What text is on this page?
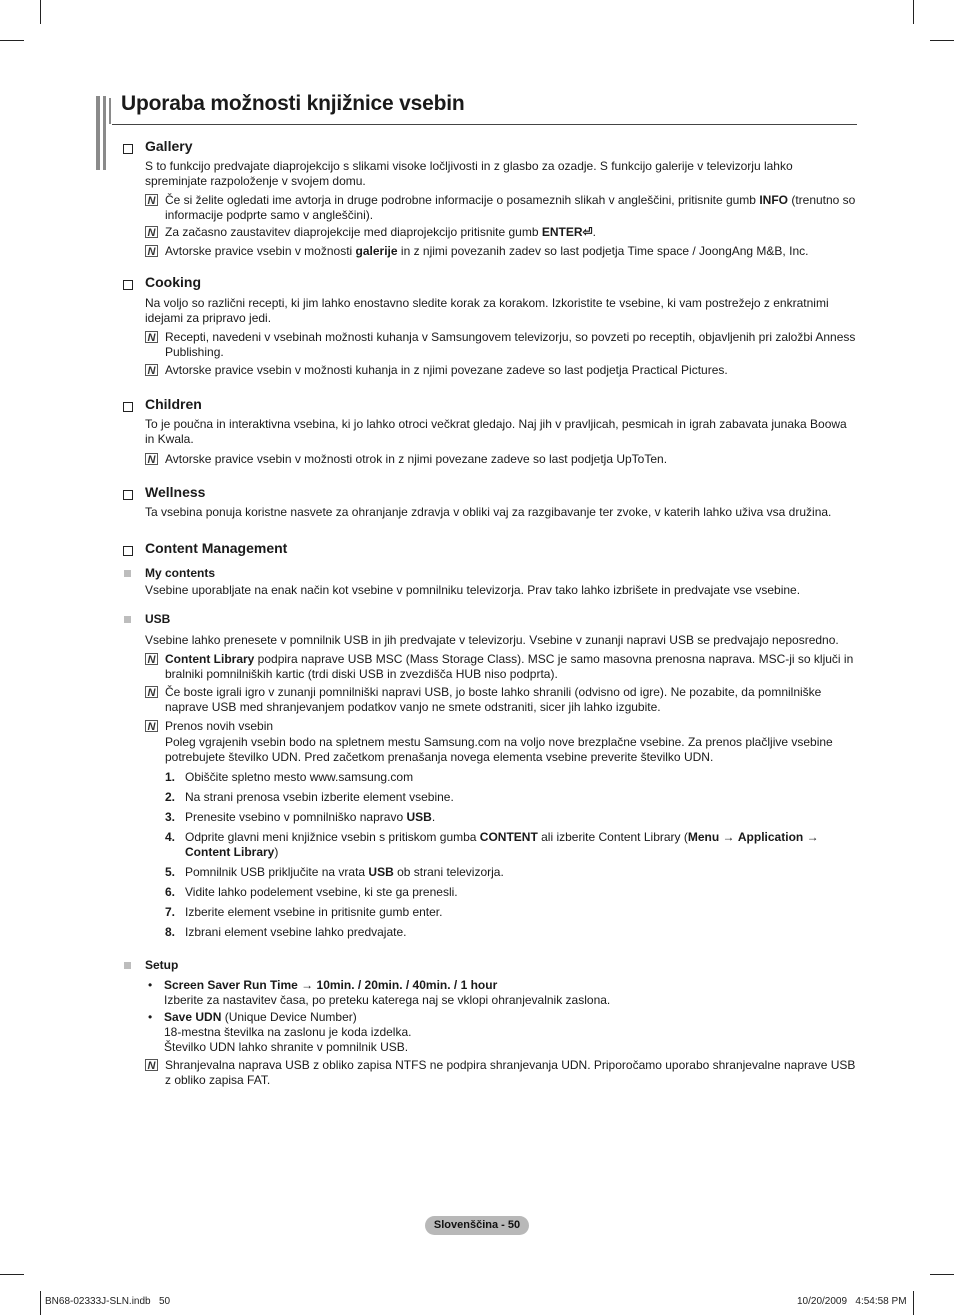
Uporaba možnosti knjižnice vsebin
Gallery

S to funkcijo predvajate diaprojekcijo s slikami visoke ločljivosti in z glasbo za ozadje. S funkcijo galerije v televizorju lahko spreminjate razpoloženje v svojem domu.

N Če si želite ogledati ime avtorja in druge podrobne informacije o posameznih slikah v angleščini, pritisnite gumb INFO (trenutno so informacije podprte samo v angleščini).
N Za začasno zaustavitev diaprojekcije med diaprojekcijo pritisnite gumb ENTER⏎.
N Avtorske pravice vsebin v možnosti galerije in z njimi povezanih zadev so last podjetja Time space / JoongAng M&B, Inc.
Cooking

Na voljo so različni recepti, ki jim lahko enostavno sledite korak za korakom. Izkoristite te vsebine, ki vam postrežejo z enkratnimi idejami za pripravo jedi.

N Recepti, navedeni v vsebinah možnosti kuhanja v Samsungovem televizorju, so povzeti po receptih, objavljenih pri založbi Anness Publishing.
N Avtorske pravice vsebin v možnosti kuhanja in z njimi povezane zadeve so last podjetja Practical Pictures.
Children

To je poučna in interaktivna vsebina, ki jo lahko otroci večkrat gledajo. Naj jih v pravljicah, pesmicah in igrah zabavata junaka Boowa in Kwala.

N Avtorske pravice vsebin v možnosti otrok in z njimi povezane zadeve so last podjetja UpToTen.
Wellness

Ta vsebina ponuja koristne nasvete za ohranjanje zdravja v obliki vaj za razgibavanje ter zvoke, v katerih lahko uživa vsa družina.

Content Management
My contents

Vsebine uporabljate na enak način kot vsebine v pomnilniku televizorja. Prav tako lahko izbrišete in predvajate vse vsebine.

USB

Vsebine lahko prenesete v pomnilnik USB in jih predvajate v televizorju. Vsebine v zunanji napravi USB se predvajajo neposredno.

N Content Library podpira naprave USB MSC (Mass Storage Class). MSC je samo masovna prenosna naprava. MSC-ji so ključi in bralniki pomnilniških kartic (trdi diski USB in zvezdišča HUB niso podprta).
N Če boste igrali igro v zunanji pomnilniški napravi USB, jo boste lahko shranili (odvisno od igre). Ne pozabite, da pomnilniške naprave USB med shranjevanjem podatkov vanjo ne smete odstraniti, sicer jih lahko izgubite.
N Prenos novih vsebin
Poleg vgrajenih vsebin bodo na spletnem mestu Samsung.com na voljo nove brezplačne vsebine. Za prenos plačljive vsebine potrebujete številko UDN. Pred začetkom prenašanja novega elementa vsebine preverite številko UDN.
1. Obiščite spletno mesto www.samsung.com
2. Na strani prenosa vsebin izberite element vsebine.
3. Prenesite vsebino v pomnilniško napravo USB.
4. Odprite glavni meni knjižnice vsebin s pritiskom gumba CONTENT ali izberite Content Library (Menu → Application →
Content Library)
5. Pomnilnik USB priključite na vrata USB ob strani televizorja.
6. Vidite lahko podelement vsebine, ki ste ga prenesli.
7. Izberite element vsebine in pritisnite gumb enter.
8. Izbrani element vsebine lahko predvajate.
Setup
• Screen Saver Run Time → 10min. / 20min. / 40min. / 1 hour
Izberite za nastavitev časa, po preteku katerega naj se vklopi ohranjevalnik zaslona.
• Save UDN (Unique Device Number)
18-mestna številka na zaslonu je koda izdelka.
Številko UDN lahko shranite v pomnilnik USB.
N Shranjevalna naprava USB z obliko zapisa NTFS ne podpira shranjevanja UDN. Priporočamo uporabo shranjevalne naprave USB z obliko zapisa FAT.
Slovenščina - 50
BN68-02333J-SLN.indb   50	10/20/2009   4:54:58 PM
